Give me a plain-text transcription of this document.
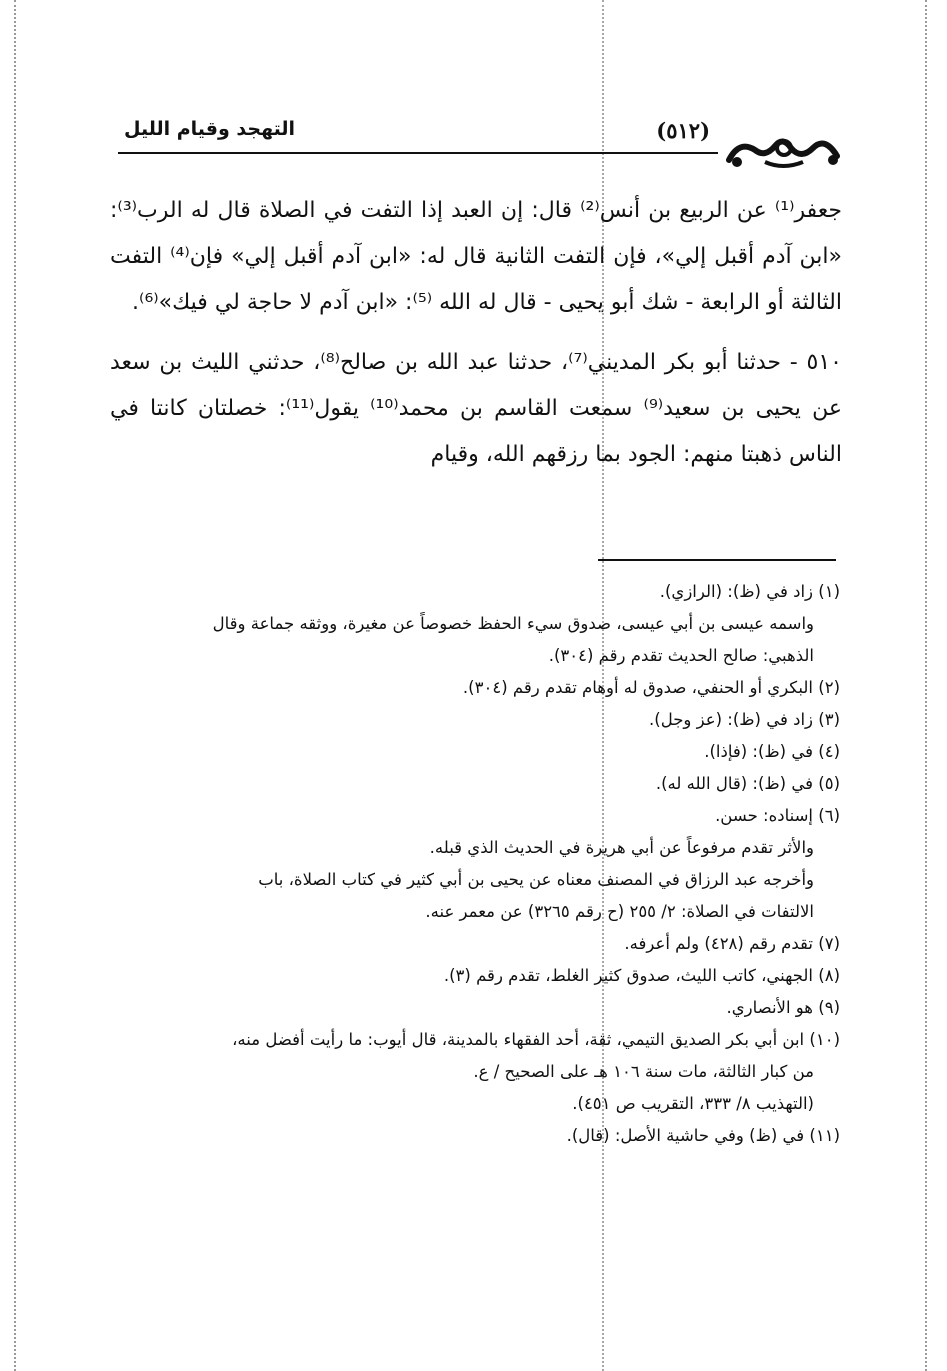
(٥١٢)
التهجد وقيام الليل

جعفر⁽¹⁾ عن الربيع بن أنس⁽²⁾ قال: إن العبد إذا التفت في الصلاة قال له الرب⁽³⁾: «ابن آدم أقبل إلي»، فإن التفت الثانية قال له: «ابن آدم أقبل إلي» فإن⁽⁴⁾ التفت الثالثة أو الرابعة - شك أبو يحيى - قال له الله ⁽⁵⁾: «ابن آدم لا حاجة لي فيك»⁽⁶⁾.

٥١٠ - حدثنا أبو بكر المديني⁽⁷⁾، حدثنا عبد الله بن صالح⁽⁸⁾، حدثني الليث بن سعد عن يحيى بن سعيد⁽⁹⁾ سمعت القاسم بن محمد⁽¹⁰⁾ يقول⁽¹¹⁾: خصلتان كانتا في الناس ذهبتا منهم: الجود بما رزقهم الله، وقيام

(١) زاد في (ظ): (الرازي).
واسمه عيسى بن أبي عيسى، صدوق سيء الحفظ خصوصاً عن مغيرة، ووثقه جماعة وقال
الذهبي: صالح الحديث تقدم رقم (٣٠٤).
(٢) البكري أو الحنفي، صدوق له أوهام تقدم رقم (٣٠٤).
(٣) زاد في (ظ): (عز وجل).
(٤) في (ظ): (فإذا).
(٥) في (ظ): (قال الله له).
(٦) إسناده: حسن.
والأثر تقدم مرفوعاً عن أبي هريرة في الحديث الذي قبله.
وأخرجه عبد الرزاق في المصنف معناه عن يحيى بن أبي كثير في كتاب الصلاة، باب
الالتفات في الصلاة: ٢/ ٢٥٥ (ح رقم ٣٢٦٥) عن معمر عنه.
(٧) تقدم رقم (٤٢٨) ولم أعرفه.
(٨) الجهني، كاتب الليث، صدوق كثير الغلط، تقدم رقم (٣).
(٩) هو الأنصاري.
(١٠) ابن أبي بكر الصديق التيمي، ثقة، أحد الفقهاء بالمدينة، قال أيوب: ما رأيت أفضل منه،
من كبار الثالثة، مات سنة ١٠٦ هـ على الصحيح / ع.
(التهذيب ٨/ ٣٣٣، التقريب ص ٤٥١).
(١١) في (ظ) وفي حاشية الأصل: (قال).
